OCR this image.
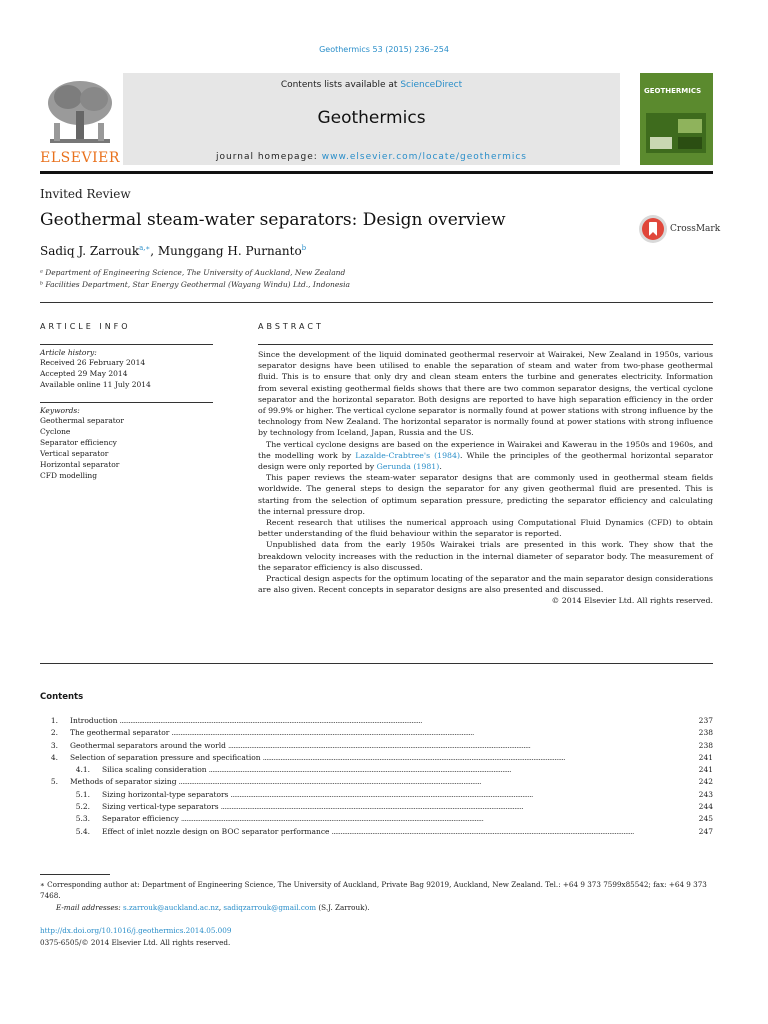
Geothermics 53 (2015) 236–254
ELSEVIER
Contents lists available at ScienceDirect
Geothermics
journal homepage: www.elsevier.com/locate/geothermics
GEOTHERMICS
Invited Review
Geothermal steam-water separators: Design overview
Sadiq J. Zarrouk$^{a,∗}$, Munggang H. Purnanto$^b$
ᵃ Department of Engineering Science, The University of Auckland, New Zealand
ᵇ Facilities Department, Star Energy Geothermal (Wayang Windu) Ltd., Indonesia
CrossMark
ARTICLE INFO
Article history:
Received 26 February 2014
Accepted 29 May 2014
Available online 11 July 2014
Keywords:
Geothermal separator
Cyclone
Separator efficiency
Vertical separator
Horizontal separator
CFD modelling
ABSTRACT

Since the development of the liquid dominated geothermal reservoir at Wairakei, New Zealand in 1950s, various separator designs have been utilised to enable the separation of steam and water from two-phase geothermal fluid. This is to ensure that only dry and clean steam enters the turbine and generates electricity. Information from several existing geothermal fields shows that there are two common separator designs, the vertical cyclone separator and the horizontal separator. Both designs are reported to have high separation efficiency in the order of 99.9% or higher. The vertical cyclone separator is normally found at power stations with strong influence by the technology from New Zealand. The horizontal separator is normally found at power stations with strong influence by technology from Iceland, Japan, Russia and the US.

The vertical cyclone designs are based on the experience in Wairakei and Kawerau in the 1950s and 1960s, and the modelling work by Lazalde-Crabtree's (1984). While the principles of the geothermal horizontal separator design were only reported by Gerunda (1981).

This paper reviews the steam-water separator designs that are commonly used in geothermal steam fields worldwide. The general steps to design the separator for any given geothermal fluid are presented. This is starting from the selection of optimum separation pressure, predicting the separator efficiency and calculating the internal pressure drop.

Recent research that utilises the numerical approach using Computational Fluid Dynamics (CFD) to obtain better understanding of the fluid behaviour within the separator is reported.

Unpublished data from the early 1950s Wairakei trials are presented in this work. They show that the breakdown velocity increases with the reduction in the internal diameter of separator body. The measurement of the separator efficiency is also discussed.

Practical design aspects for the optimum locating of the separator and the main separator design considerations are also given. Recent concepts in separator designs are also presented and discussed.

© 2014 Elsevier Ltd. All rights reserved.
Contents
1.	Introduction . . .	237
2.	The geothermal separator . . .	238
3.	Geothermal separators around the world . . .	238
4.	Selection of separation pressure and specification . . .	241
4.1.	Silica scaling consideration . . .	241
5.	Methods of separator sizing . . .	242
5.1.	Sizing horizontal-type separators . . .	243
5.2.	Sizing vertical-type separators . . .	244
5.3.	Separator efficiency . . .	245
5.4.	Effect of inlet nozzle design on BOC separator performance . . .	247
∗ Corresponding author at: Department of Engineering Science, The University of Auckland, Private Bag 92019, Auckland, New Zealand. Tel.: +64 9 373 7599x85542; fax: +64 9 373 7468.
E-mail addresses: s.zarrouk@auckland.ac.nz, sadiqzarrouk@gmail.com (S.J. Zarrouk).
http://dx.doi.org/10.1016/j.geothermics.2014.05.009
0375-6505/© 2014 Elsevier Ltd. All rights reserved.
